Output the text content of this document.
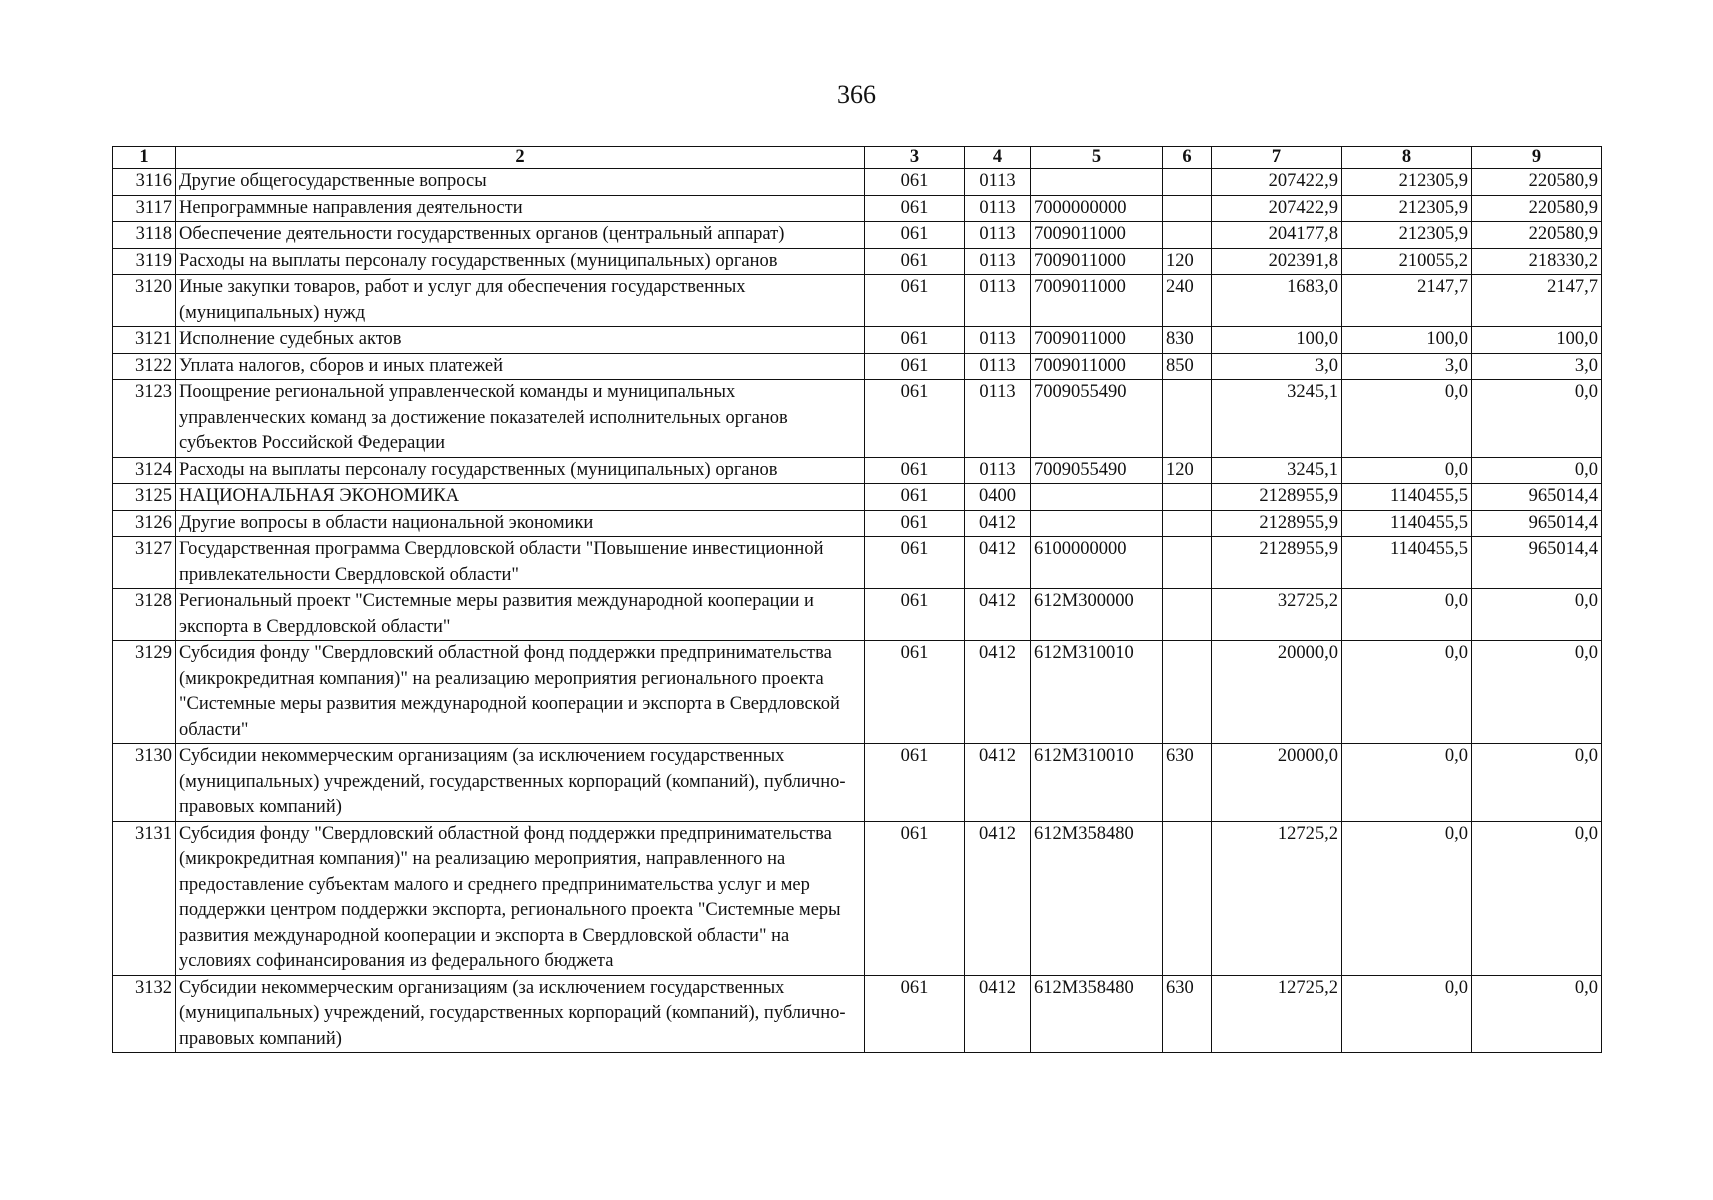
366
1	2	3	4	5	6	7	8	9
3116	Другие общегосударственные вопросы	061	0113			207422,9	212305,9	220580,9
3117	Непрограммные направления деятельности	061	0113	7000000000		207422,9	212305,9	220580,9
3118	Обеспечение деятельности государственных органов (центральный аппарат)	061	0113	7009011000		204177,8	212305,9	220580,9
3119	Расходы на выплаты персоналу государственных (муниципальных) органов	061	0113	7009011000	120	202391,8	210055,2	218330,2
3120	Иные закупки товаров, работ и услуг для обеспечения государственных (муниципальных) нужд	061	0113	7009011000	240	1683,0	2147,7	2147,7
3121	Исполнение судебных актов	061	0113	7009011000	830	100,0	100,0	100,0
3122	Уплата налогов, сборов и иных платежей	061	0113	7009011000	850	3,0	3,0	3,0
3123	Поощрение региональной управленческой команды и муниципальных управленческих команд за достижение показателей исполнительных органов субъектов Российской Федерации	061	0113	7009055490		3245,1	0,0	0,0
3124	Расходы на выплаты персоналу государственных (муниципальных) органов	061	0113	7009055490	120	3245,1	0,0	0,0
3125	НАЦИОНАЛЬНАЯ ЭКОНОМИКА	061	0400			2128955,9	1140455,5	965014,4
3126	Другие вопросы в области национальной экономики	061	0412			2128955,9	1140455,5	965014,4
3127	Государственная программа Свердловской области "Повышение инвестиционной привлекательности Свердловской области"	061	0412	6100000000		2128955,9	1140455,5	965014,4
3128	Региональный проект "Системные меры развития международной кооперации и экспорта в Свердловской области"	061	0412	612M300000		32725,2	0,0	0,0
3129	Субсидия фонду "Свердловский областной фонд поддержки предпринимательства (микрокредитная компания)" на реализацию мероприятия регионального проекта "Системные меры развития международной кооперации и экспорта в Свердловской области"	061	0412	612M310010		20000,0	0,0	0,0
3130	Субсидии некоммерческим организациям (за исключением государственных (муниципальных) учреждений, государственных корпораций (компаний), публично-правовых компаний)	061	0412	612M310010	630	20000,0	0,0	0,0
3131	Субсидия фонду "Свердловский областной фонд поддержки предпринимательства (микрокредитная компания)" на реализацию мероприятия, направленного на предоставление субъектам малого и среднего предпринимательства услуг и мер поддержки центром поддержки экспорта, регионального проекта "Системные меры развития международной кооперации и экспорта в Свердловской области" на условиях софинансирования из федерального бюджета	061	0412	612M358480		12725,2	0,0	0,0
3132	Субсидии некоммерческим организациям (за исключением государственных (муниципальных) учреждений, государственных корпораций (компаний), публично-правовых компаний)	061	0412	612M358480	630	12725,2	0,0	0,0
